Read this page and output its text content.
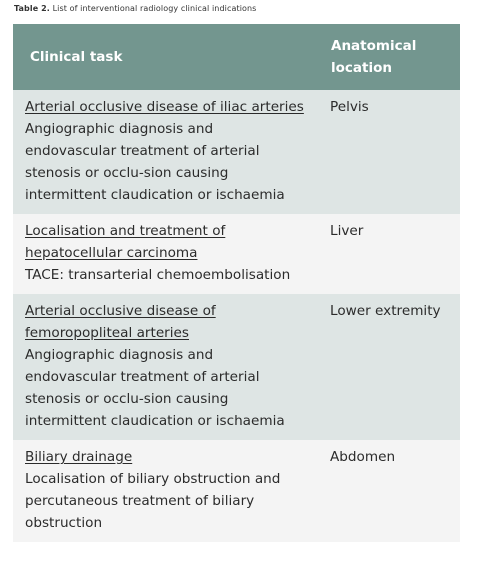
Table 2. List of interventional radiology clinical indications
Clinical task	Anatomical location
Arterial occlusive disease of iliac arteries
Angiographic diagnosis and endovascular treatment of arterial stenosis or occlu-sion causing intermittent claudication or ischaemia	Pelvis
Localisation and treatment of hepatocellular carcinoma
TACE: transarterial chemoembolisation	Liver
Arterial occlusive disease of femoropopliteal arteries
Angiographic diagnosis and endovascular treatment of arterial stenosis or occlu-sion causing intermittent claudication or ischaemia	Lower extremity
Biliary drainage
Localisation of biliary obstruction and percutaneous treatment of biliary obstruction	Abdomen
